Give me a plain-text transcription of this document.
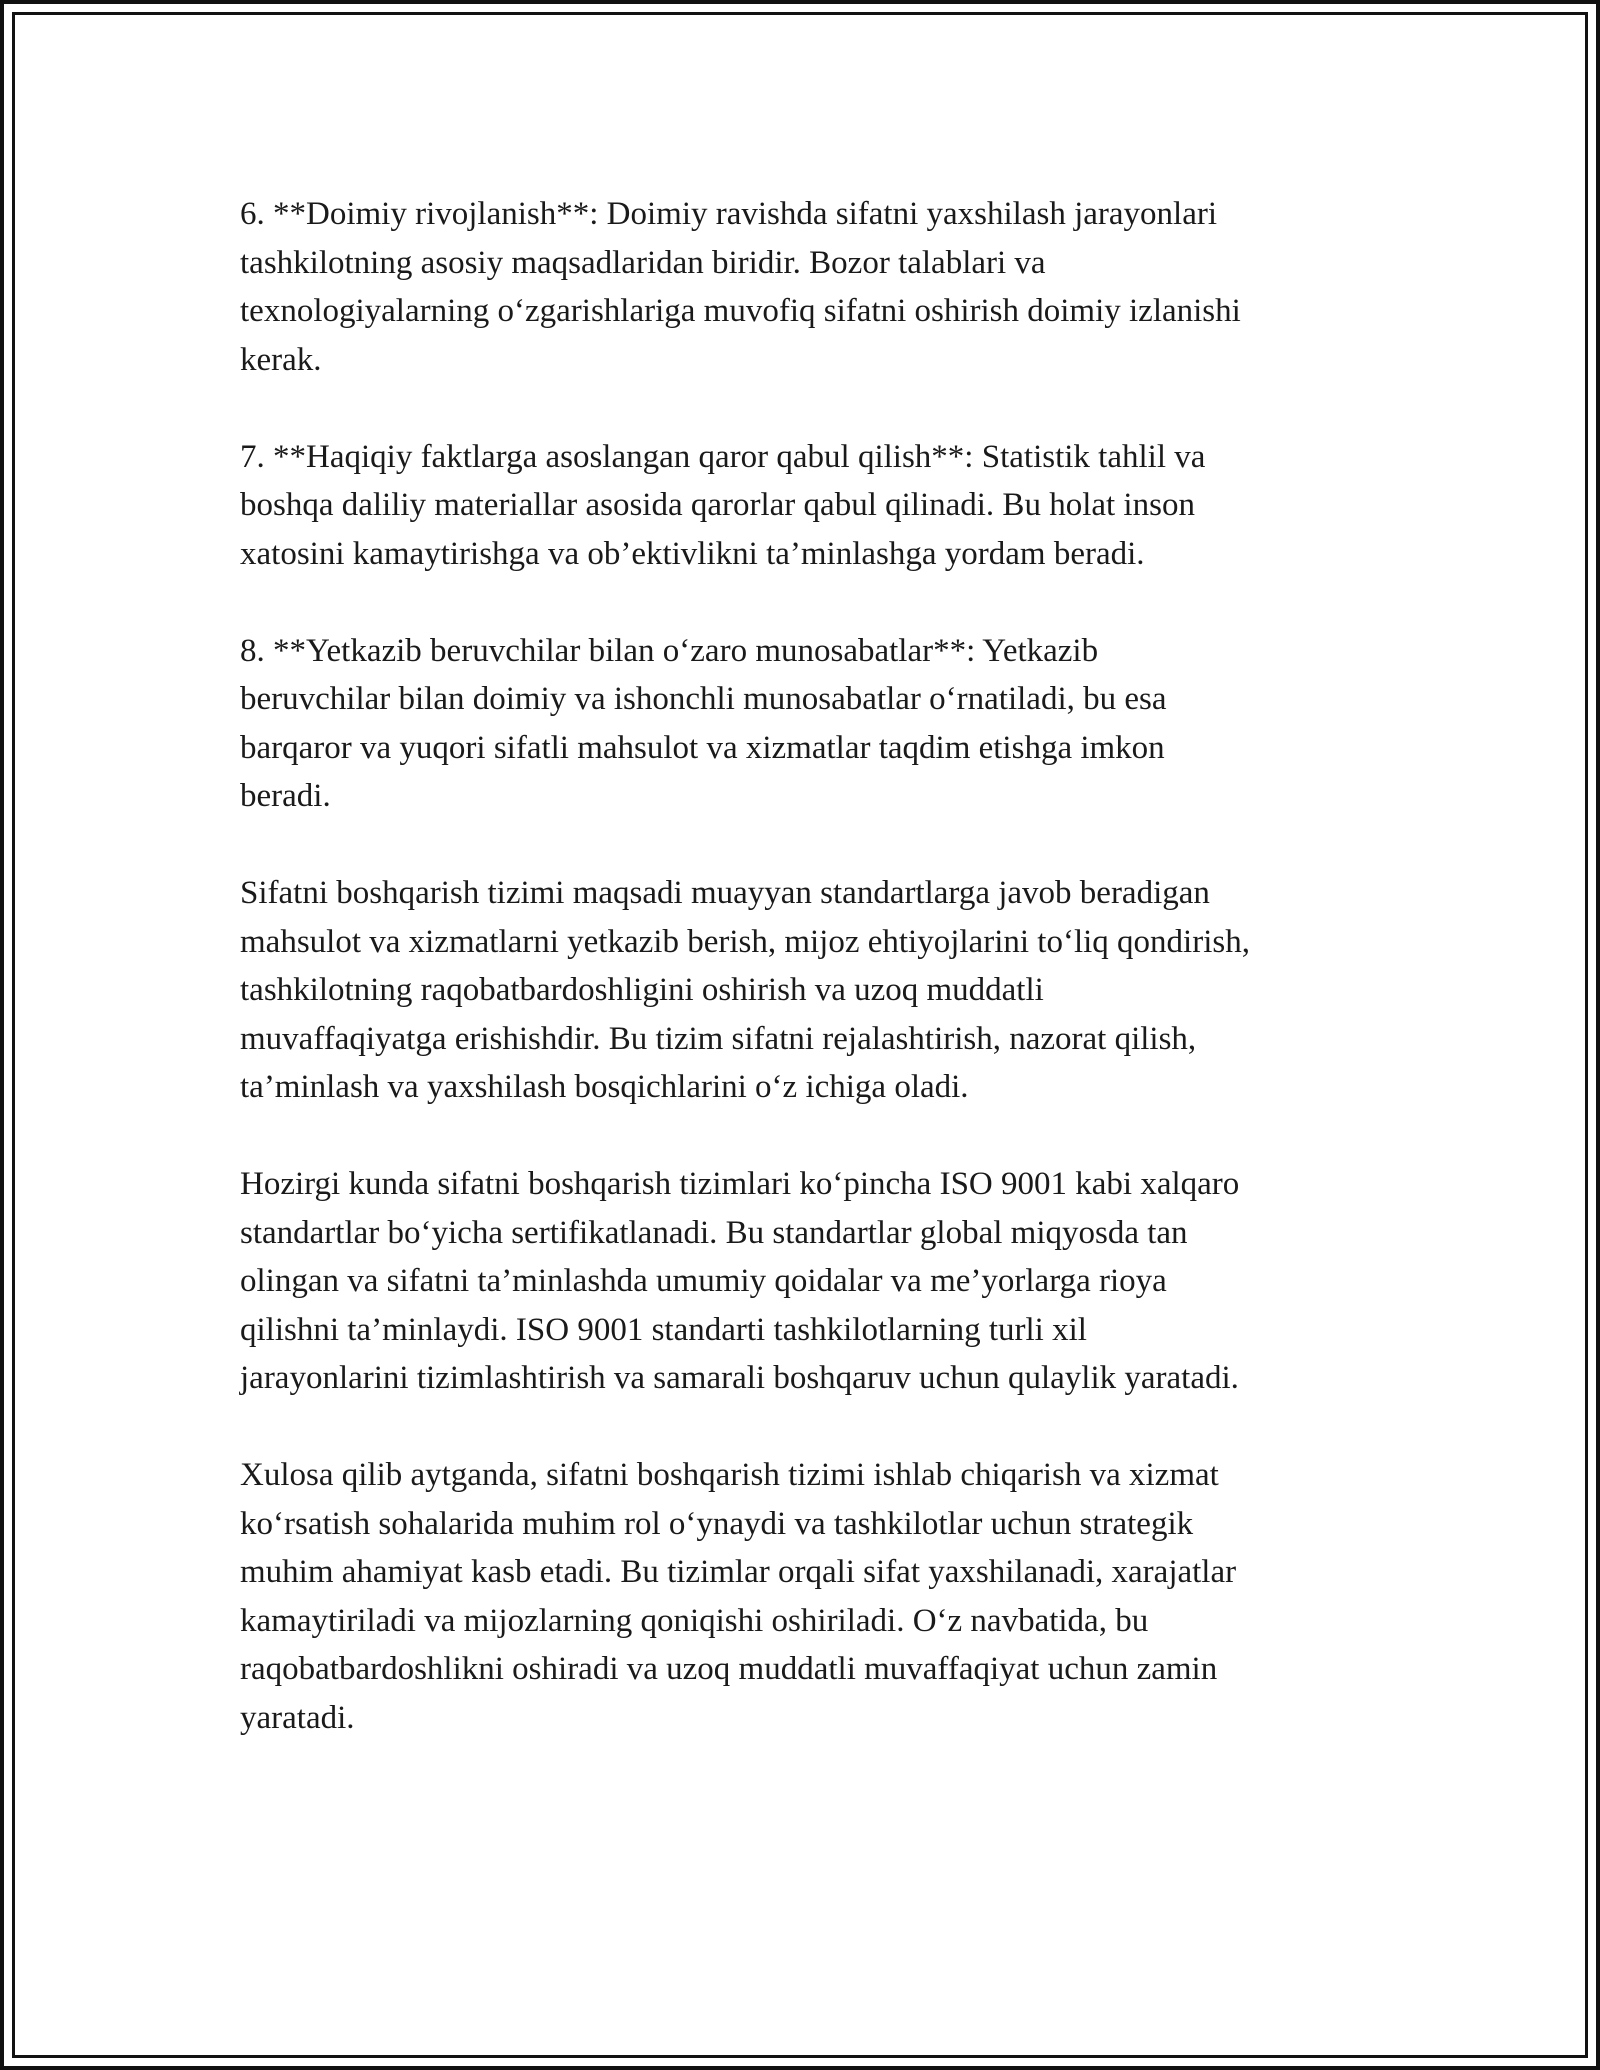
6. **Doimiy rivojlanish**: Doimiy ravishda sifatni yaxshilash jarayonlari
tashkilotning asosiy maqsadlaridan biridir. Bozor talablari va
texnologiyalarning o‘zgarishlariga muvofiq sifatni oshirish doimiy izlanishi
kerak.

7. **Haqiqiy faktlarga asoslangan qaror qabul qilish**: Statistik tahlil va
boshqa daliliy materiallar asosida qarorlar qabul qilinadi. Bu holat inson
xatosini kamaytirishga va ob’ektivlikni ta’minlashga yordam beradi.

8. **Yetkazib beruvchilar bilan o‘zaro munosabatlar**: Yetkazib
beruvchilar bilan doimiy va ishonchli munosabatlar o‘rnatiladi, bu esa
barqaror va yuqori sifatli mahsulot va xizmatlar taqdim etishga imkon
beradi.

Sifatni boshqarish tizimi maqsadi muayyan standartlarga javob beradigan
mahsulot va xizmatlarni yetkazib berish, mijoz ehtiyojlarini to‘liq qondirish,
tashkilotning raqobatbardoshligini oshirish va uzoq muddatli
muvaffaqiyatga erishishdir. Bu tizim sifatni rejalashtirish, nazorat qilish,
ta’minlash va yaxshilash bosqichlarini o‘z ichiga oladi.

Hozirgi kunda sifatni boshqarish tizimlari ko‘pincha ISO 9001 kabi xalqaro
standartlar bo‘yicha sertifikatlanadi. Bu standartlar global miqyosda tan
olingan va sifatni ta’minlashda umumiy qoidalar va me’yorlarga rioya
qilishni ta’minlaydi. ISO 9001 standarti tashkilotlarning turli xil
jarayonlarini tizimlashtirish va samarali boshqaruv uchun qulaylik yaratadi.

Xulosa qilib aytganda, sifatni boshqarish tizimi ishlab chiqarish va xizmat
ko‘rsatish sohalarida muhim rol o‘ynaydi va tashkilotlar uchun strategik
muhim ahamiyat kasb etadi. Bu tizimlar orqali sifat yaxshilanadi, xarajatlar
kamaytiriladi va mijozlarning qoniqishi oshiriladi. O‘z navbatida, bu
raqobatbardoshlikni oshiradi va uzoq muddatli muvaffaqiyat uchun zamin
yaratadi.
